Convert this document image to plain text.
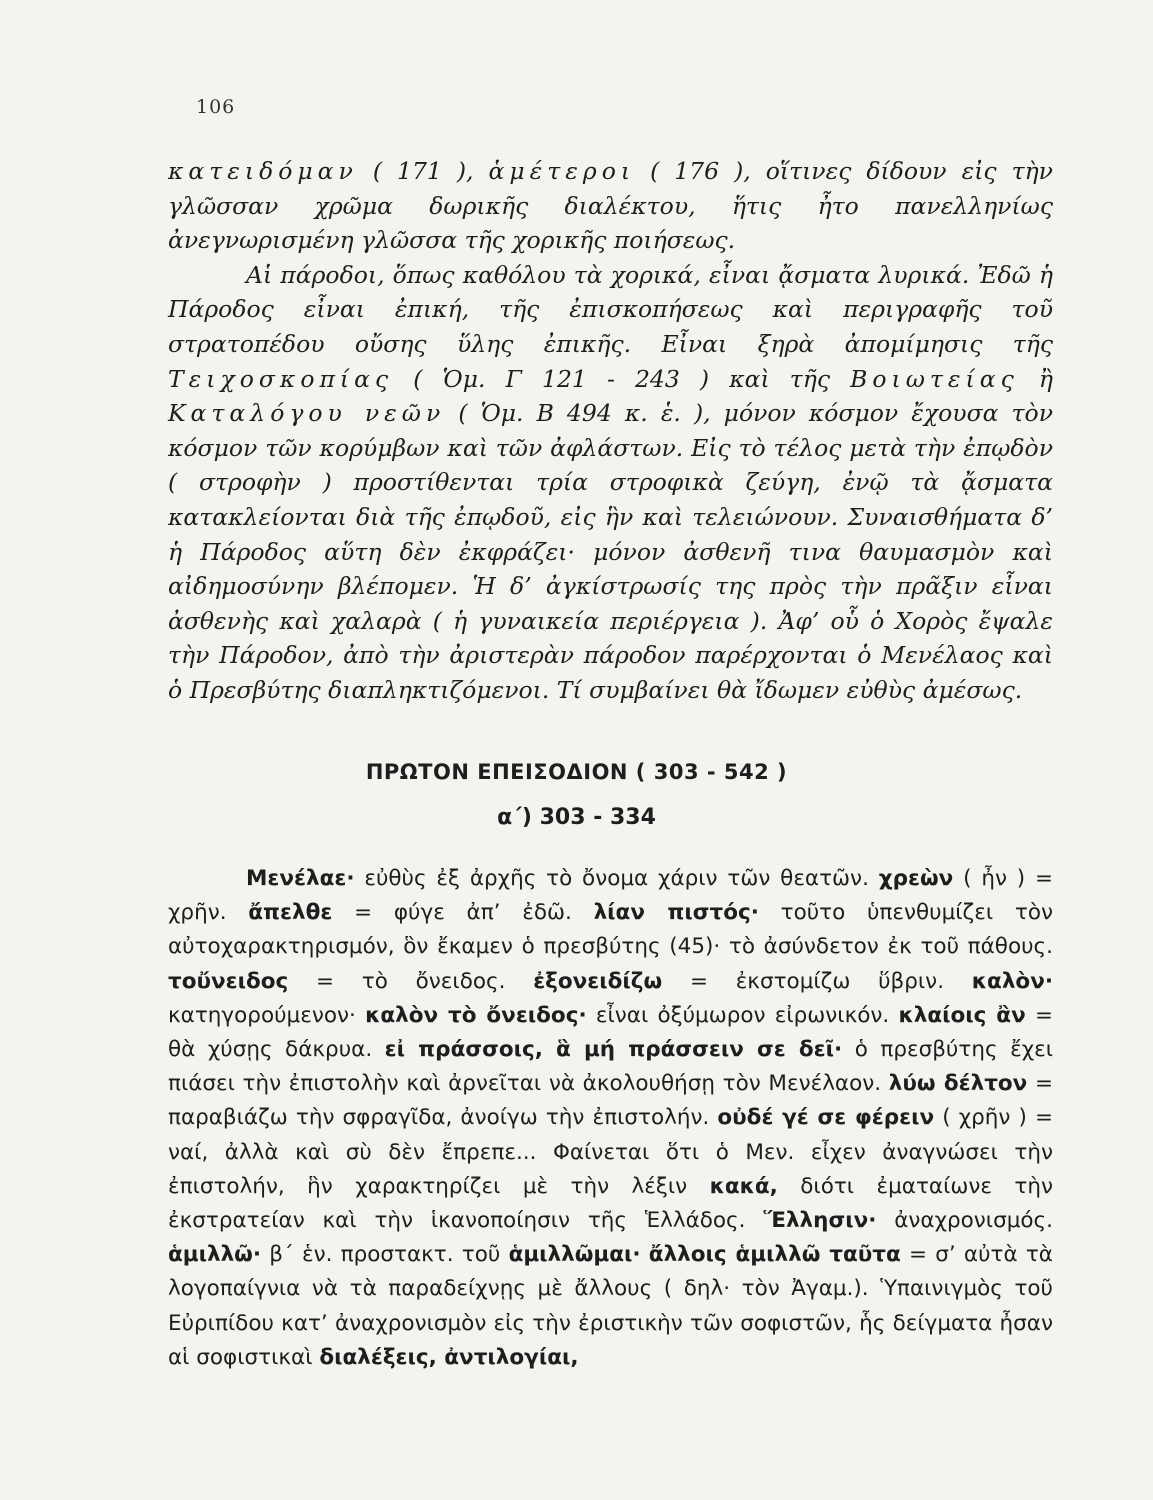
106

κατειδόμαν ( 171 ), ἁμέτεροι ( 176 ), οἵτινες δίδουν εἰς τὴν γλῶσσαν χρῶμα δωρικῆς διαλέκτου, ἥτις ἦτο πανελληνίως ἀνεγνωρισμένη γλῶσσα τῆς χορικῆς ποιήσεως.

Αἱ πάροδοι, ὅπως καθόλου τὰ χορικά, εἶναι ᾄσματα λυρικά. Ἐδῶ ἡ Πάροδος εἶναι ἐπική, τῆς ἐπισκοπήσεως καὶ περιγραφῆς τοῦ στρατοπέδου οὔσης ὕλης ἐπικῆς. Εἶναι ξηρὰ ἀπομίμησις τῆς Τειχοσκοπίας ( Ὁμ. Γ 121 - 243 ) καὶ τῆς Βοιωτείας ἢ Καταλόγου νεῶν ( Ὁμ. Β 494 κ. ἑ. ), μόνον κόσμον ἔχουσα τὸν κόσμον τῶν κορύμβων καὶ τῶν ἀφλάστων. Εἰς τὸ τέλος μετὰ τὴν ἐπῳδὸν ( στροφὴν ) προστίθενται τρία στροφικὰ ζεύγη, ἐνῷ τὰ ᾄσματα κατακλείονται διὰ τῆς ἐπῳδοῦ, εἰς ἣν καὶ τελειώνουν. Συναισθήματα δ’ ἡ Πάροδος αὕτη δὲν ἐκφράζει· μόνον ἀσθενῆ τινα θαυμασμὸν καὶ αἰδημοσύνην βλέπομεν. Ἡ δ’ ἀγκίστρωσίς της πρὸς τὴν πρᾶξιν εἶναι ἀσθενὴς καὶ χαλαρὰ ( ἡ γυναικεία περιέργεια ). Ἀφ’ οὗ ὁ Χορὸς ἔψαλε τὴν Πάροδον, ἀπὸ τὴν ἀριστερὰν πάροδον παρέρχονται ὁ Μενέλαος καὶ ὁ Πρεσβύτης διαπληκτιζόμενοι. Τί συμβαίνει θὰ ἴδωμεν εὐθὺς ἀμέσως.

ΠΡΩΤΟΝ ΕΠΕΙΣΟΔΙΟΝ ( 303 - 542 )
α΄) 303 - 334

Μενέλαε· εὐθὺς ἐξ ἀρχῆς τὸ ὄνομα χάριν τῶν θεατῶν. χρεὼν ( ἦν ) = χρῆν. ἄπελθε = φύγε ἀπ’ ἐδῶ. λίαν πιστός· τοῦτο ὑπενθυμίζει τὸν αὐτοχαρακτηρισμόν, ὃν ἔκαμεν ὁ πρεσβύτης (45)· τὸ ἀσύνδετον ἐκ τοῦ πάθους. τοὔνειδος = τὸ ὄνειδος. ἐξονειδίζω = ἐκστομίζω ὕβριν. καλὸν· κατηγορούμενον· καλὸν τὸ ὄνειδος· εἶναι ὀξύμωρον εἰρωνικόν. κλαίοις ἂν = θὰ χύσῃς δάκρυα. εἰ πράσσοις, ἃ μή πράσσειν σε δεῖ· ὁ πρεσβύτης ἔχει πιάσει τὴν ἐπιστολὴν καὶ ἀρνεῖται νὰ ἀκολουθήσῃ τὸν Μενέλαον. λύω δέλτον = παραβιάζω τὴν σφραγῖδα, ἀνοίγω τὴν ἐπιστολήν. οὐδέ γέ σε φέρειν ( χρῆν ) = ναί, ἀλλὰ καὶ σὺ δὲν ἔπρεπε... Φαίνεται ὅτι ὁ Μεν. εἶχεν ἀναγνώσει τὴν ἐπιστολήν, ἣν χαρακτηρίζει μὲ τὴν λέξιν κακά, διότι ἐματαίωνε τὴν ἐκστρατείαν καὶ τὴν ἱκανοποίησιν τῆς Ἑλλάδος. Ἕλλησιν· ἀναχρονισμός. ἁμιλλῶ· β΄ ἑν. προστακτ. τοῦ ἁμιλλῶμαι· ἄλλοις ἁμιλλῶ ταῦτα = σ’ αὐτὰ τὰ λογοπαίγνια νὰ τὰ παραδείχνῃς μὲ ἄλλους ( δηλ· τὸν Ἀγαμ.). Ὑπαινιγμὸς τοῦ Εὐριπίδου κατ’ ἀναχρονισμὸν εἰς τὴν ἐριστικὴν τῶν σοφιστῶν, ἧς δείγματα ἦσαν αἱ σοφιστικαὶ διαλέξεις, ἀντιλογίαι,
